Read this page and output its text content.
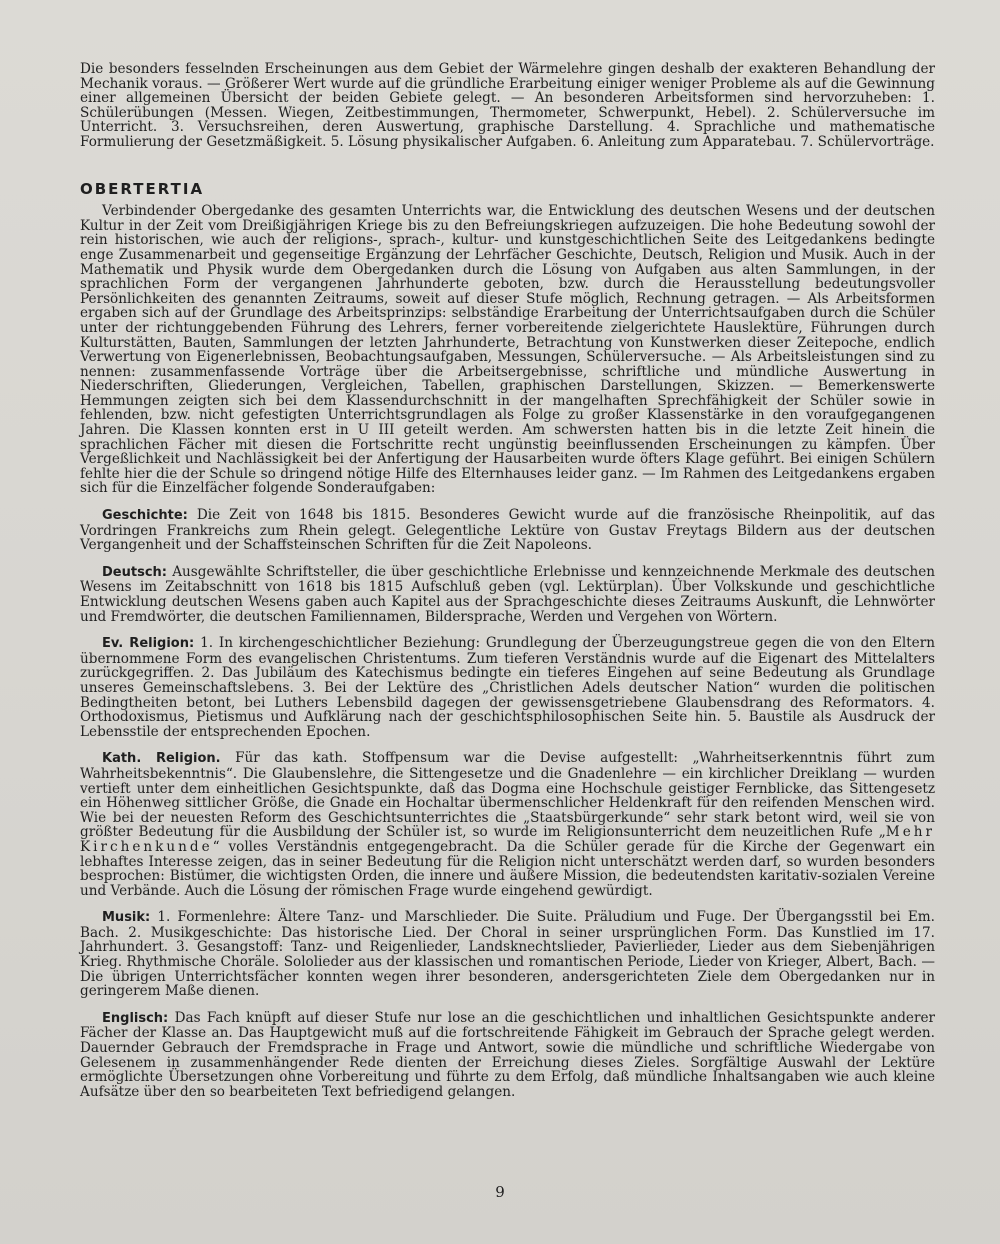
Die besonders fesselnden Erscheinungen aus dem Gebiet der Wärmelehre gingen deshalb der exakteren Behandlung der Mechanik voraus. — Größerer Wert wurde auf die gründliche Erarbeitung einiger weniger Probleme als auf die Gewinnung einer allgemeinen Übersicht der beiden Gebiete gelegt. — An besonderen Arbeitsformen sind hervorzuheben: 1. Schülerübungen (Messen. Wiegen, Zeitbestimmungen, Thermometer, Schwerpunkt, Hebel). 2. Schülerversuche im Unterricht. 3. Versuchsreihen, deren Auswertung, graphische Darstellung. 4. Sprachliche und mathematische Formulierung der Gesetzmäßigkeit. 5. Lösung physikalischer Aufgaben. 6. Anleitung zum Apparatebau. 7. Schülervorträge.

OBERTERTIA

Verbindender Obergedanke des gesamten Unterrichts war, die Entwicklung des deutschen Wesens und der deutschen Kultur in der Zeit vom Dreißigjährigen Kriege bis zu den Befreiungskriegen aufzuzeigen. Die hohe Bedeutung sowohl der rein historischen, wie auch der religions-, sprach-, kultur- und kunstgeschichtlichen Seite des Leitgedankens bedingte enge Zusammenarbeit und gegenseitige Ergänzung der Lehrfächer Geschichte, Deutsch, Religion und Musik. Auch in der Mathematik und Physik wurde dem Obergedanken durch die Lösung von Aufgaben aus alten Sammlungen, in der sprachlichen Form der vergangenen Jahrhunderte geboten, bzw. durch die Herausstellung bedeutungsvoller Persönlichkeiten des genannten Zeitraums, soweit auf dieser Stufe möglich, Rechnung getragen. — Als Arbeitsformen ergaben sich auf der Grundlage des Arbeitsprinzips: selbständige Erarbeitung der Unterrichtsaufgaben durch die Schüler unter der richtunggebenden Führung des Lehrers, ferner vorbereitende zielgerichtete Hauslektüre, Führungen durch Kulturstätten, Bauten, Sammlungen der letzten Jahrhunderte, Betrachtung von Kunstwerken dieser Zeitepoche, endlich Verwertung von Eigenerlebnissen, Beobachtungsaufgaben, Messungen, Schülerversuche. — Als Arbeitsleistungen sind zu nennen: zusammenfassende Vorträge über die Arbeitsergebnisse, schriftliche und mündliche Auswertung in Niederschriften, Gliederungen, Vergleichen, Tabellen, graphischen Darstellungen, Skizzen. — Bemerkenswerte Hemmungen zeigten sich bei dem Klassendurchschnitt in der mangelhaften Sprechfähigkeit der Schüler sowie in fehlenden, bzw. nicht gefestigten Unterrichtsgrundlagen als Folge zu großer Klassenstärke in den voraufgegangenen Jahren. Die Klassen konnten erst in U III geteilt werden. Am schwersten hatten bis in die letzte Zeit hinein die sprachlichen Fächer mit diesen die Fortschritte recht ungünstig beeinflussenden Erscheinungen zu kämpfen. Über Vergeßlichkeit und Nachlässigkeit bei der Anfertigung der Hausarbeiten wurde öfters Klage geführt. Bei einigen Schülern fehlte hier die der Schule so dringend nötige Hilfe des Elternhauses leider ganz. — Im Rahmen des Leitgedankens ergaben sich für die Einzelfächer folgende Sonderaufgaben:

Geschichte: Die Zeit von 1648 bis 1815. Besonderes Gewicht wurde auf die französische Rheinpolitik, auf das Vordringen Frankreichs zum Rhein gelegt. Gelegentliche Lektüre von Gustav Freytags Bildern aus der deutschen Vergangenheit und der Schaffsteinschen Schriften für die Zeit Napoleons.

Deutsch: Ausgewählte Schriftsteller, die über geschichtliche Erlebnisse und kennzeichnende Merkmale des deutschen Wesens im Zeitabschnitt von 1618 bis 1815 Aufschluß geben (vgl. Lektürplan). Über Volkskunde und geschichtliche Entwicklung deutschen Wesens gaben auch Kapitel aus der Sprachgeschichte dieses Zeitraums Auskunft, die Lehnwörter und Fremdwörter, die deutschen Familiennamen, Bildersprache, Werden und Vergehen von Wörtern.

Ev. Religion: 1. In kirchengeschichtlicher Beziehung: Grundlegung der Überzeugungstreue gegen die von den Eltern übernommene Form des evangelischen Christentums. Zum tieferen Verständnis wurde auf die Eigenart des Mittelalters zurückgegriffen. 2. Das Jubiläum des Katechismus bedingte ein tieferes Eingehen auf seine Bedeutung als Grundlage unseres Gemeinschaftslebens. 3. Bei der Lektüre des „Christlichen Adels deutscher Nation“ wurden die politischen Bedingtheiten betont, bei Luthers Lebensbild dagegen der gewissensgetriebene Glaubensdrang des Reformators. 4. Orthodoxismus, Pietismus und Aufklärung nach der geschichtsphilosophischen Seite hin. 5. Baustile als Ausdruck der Lebensstile der entsprechenden Epochen.

Kath. Religion. Für das kath. Stoffpensum war die Devise aufgestellt: „Wahrheitserkenntnis führt zum Wahrheitsbekenntnis“. Die Glaubenslehre, die Sittengesetze und die Gnadenlehre — ein kirchlicher Dreiklang — wurden vertieft unter dem einheitlichen Gesichtspunkte, daß das Dogma eine Hochschule geistiger Fernblicke, das Sittengesetz ein Höhenweg sittlicher Größe, die Gnade ein Hochaltar übermenschlicher Heldenkraft für den reifenden Menschen wird. Wie bei der neuesten Reform des Geschichtsunterrichtes die „Staatsbürgerkunde“ sehr stark betont wird, weil sie von größter Bedeutung für die Ausbildung der Schüler ist, so wurde im Religionsunterricht dem neuzeitlichen Rufe „Mehr Kirchenkunde“ volles Verständnis entgegengebracht. Da die Schüler gerade für die Kirche der Gegenwart ein lebhaftes Interesse zeigen, das in seiner Bedeutung für die Religion nicht unterschätzt werden darf, so wurden besonders besprochen: Bistümer, die wichtigsten Orden, die innere und äußere Mission, die bedeutendsten karitativ-sozialen Vereine und Verbände. Auch die Lösung der römischen Frage wurde eingehend gewürdigt.

Musik: 1. Formenlehre: Ältere Tanz- und Marschlieder. Die Suite. Präludium und Fuge. Der Übergangsstil bei Em. Bach. 2. Musikgeschichte: Das historische Lied. Der Choral in seiner ursprünglichen Form. Das Kunstlied im 17. Jahrhundert. 3. Gesangstoff: Tanz- und Reigenlieder, Landsknechtslieder, Pavierlieder, Lieder aus dem Siebenjährigen Krieg. Rhythmische Choräle. Sololieder aus der klassischen und romantischen Periode, Lieder von Krieger, Albert, Bach. — Die übrigen Unterrichtsfächer konnten wegen ihrer besonderen, andersgerichteten Ziele dem Obergedanken nur in geringerem Maße dienen.

Englisch: Das Fach knüpft auf dieser Stufe nur lose an die geschichtlichen und inhaltlichen Gesichtspunkte anderer Fächer der Klasse an. Das Hauptgewicht muß auf die fortschreitende Fähigkeit im Gebrauch der Sprache gelegt werden. Dauernder Gebrauch der Fremdsprache in Frage und Antwort, sowie die mündliche und schriftliche Wiedergabe von Gelesenem in zusammenhängender Rede dienten der Erreichung dieses Zieles. Sorgfältige Auswahl der Lektüre ermöglichte Übersetzungen ohne Vorbereitung und führte zu dem Erfolg, daß mündliche Inhaltsangaben wie auch kleine Aufsätze über den so bearbeiteten Text befriedigend gelangen.

9
